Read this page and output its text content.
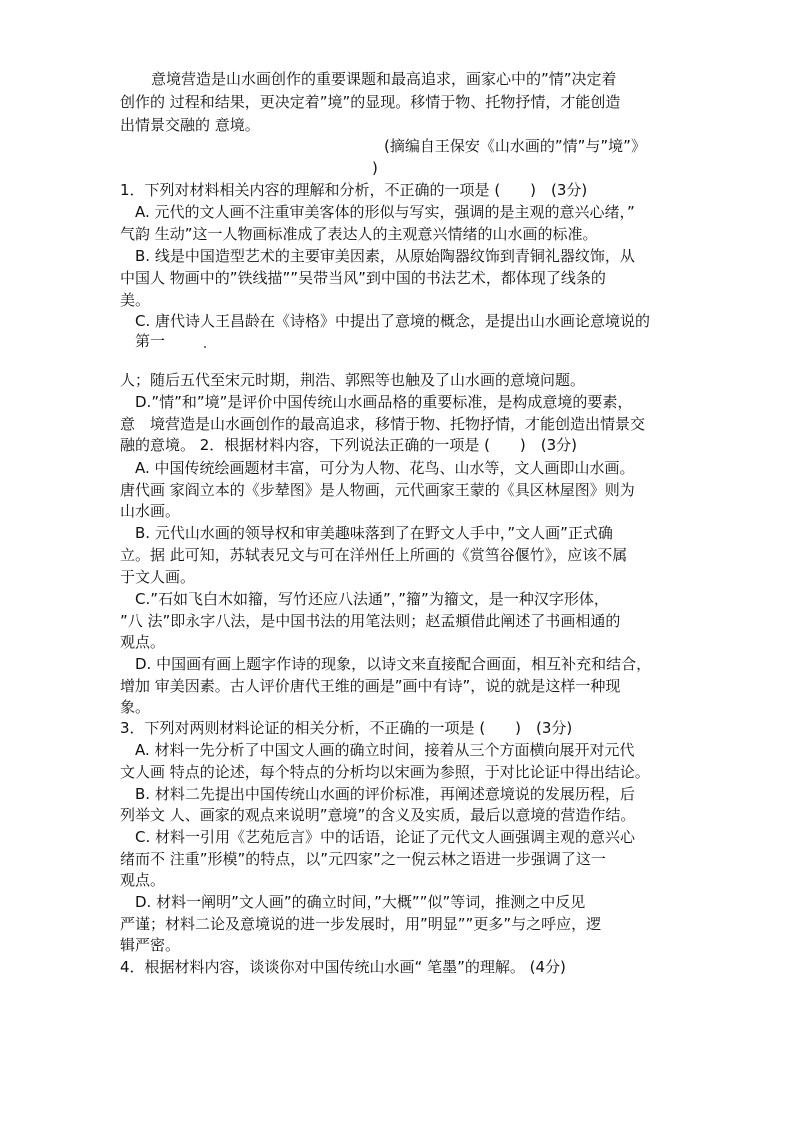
意境营造是山水画创作的重要课题和最高追求，画家心中的”情”决定着
创作的 过程和结果，更决定着”境”的显现。移情于物、托物抒情，才能创造
出情景交融的 意境。
(摘编自王保安《山水画的”情”与”境”》
)
1．下列对材料相关内容的理解和分析，不正确的一项是 (　　)　(3分)
A. 元代的文人画不注重审美客体的形似与写实，强调的是主观的意兴心绪，”
气韵 生动”这一人物画标准成了表达人的主观意兴情绪的山水画的标准。
B. 线是中国造型艺术的主要审美因素，从原始陶器纹饰到青铜礼器纹饰，从
中国人 物画中的”铁线描””吴带当风”到中国的书法艺术，都体现了线条的
美。
C. 唐代诗人王昌龄在《诗格》中提出了意境的概念，是提出山水画论意境说的
第一
人；随后五代至宋元时期，荆浩、郭熙等也触及了山水画的意境问题。
D.”情”和”境”是评价中国传统山水画品格的重要标准，是构成意境的要素，
意　境营造是山水画创作的最高追求，移情于物、托物抒情，才能创造出情景交
融的意境。 2．根据材料内容，下列说法正确的一项是 (　　)　(3分)
A. 中国传统绘画题材丰富，可分为人物、花鸟、山水等，文人画即山水画。
唐代画 家阎立本的《步辇图》是人物画，元代画家王蒙的《具区林屋图》则为
山水画。
B. 元代山水画的领导权和审美趣味落到了在野文人手中，”文人画”正式确
立。据 此可知，苏轼表兄文与可在洋州任上所画的《赏筜谷偃竹》，应该不属
于文人画。
C.”石如飞白木如籀，写竹还应八法通”，”籀”为籀文，是一种汉字形体，
”八 法”即永字八法，是中国书法的用笔法则；赵孟頫借此阐述了书画相通的
观点。
D. 中国画有画上题字作诗的现象，以诗文来直接配合画面，相互补充和结合，
增加 审美因素。古人评价唐代王维的画是”画中有诗”，说的就是这样一种现
象。
3．下列对两则材料论证的相关分析，不正确的一项是 (　　)　(3分)
A. 材料一先分析了中国文人画的确立时间，接着从三个方面横向展开对元代
文人画 特点的论述，每个特点的分析均以宋画为参照，于对比论证中得出结论。
B. 材料二先提出中国传统山水画的评价标准，再阐述意境说的发展历程，后
列举文 人、画家的观点来说明”意境”的含义及实质，最后以意境的营造作结。
C. 材料一引用《艺苑卮言》中的话语，论证了元代文人画强调主观的意兴心
绪而不 注重”形模”的特点，以”元四家”之一倪云林之语进一步强调了这一
观点。
D. 材料一阐明”文人画”的确立时间，”大概””似”等词，推测之中反见
严谨；材料二论及意境说的进一步发展时，用”明显””更多”与之呼应，逻
辑严密。
4．根据材料内容，谈谈你对中国传统山水画“ 笔墨”的理解。 (4分)
